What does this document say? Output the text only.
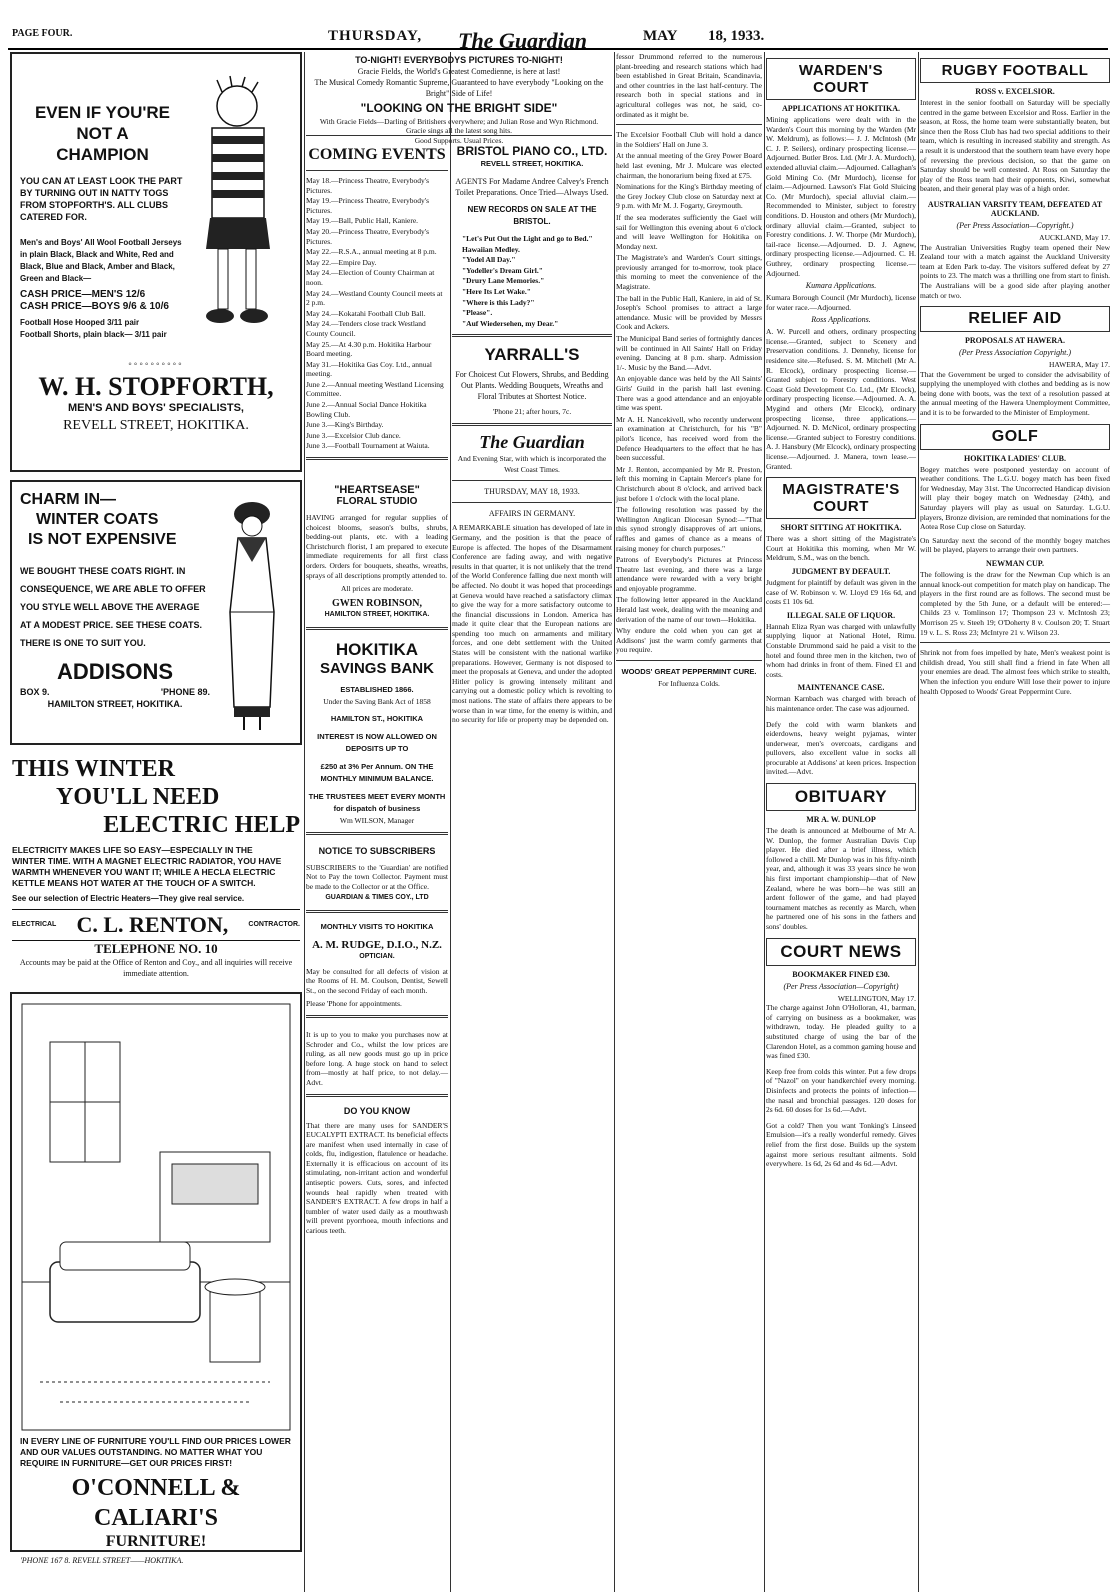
PAGE FOUR.	THURSDAY, The Guardian	MAY 18, 1933.
EVEN IF YOU'RE
NOT A
CHAMPION
YOU CAN AT LEAST LOOK THE PART BY TURNING OUT IN NATTY TOGS FROM STOPFORTH'S. ALL CLUBS CATERED FOR.
Men's and Boys' All Wool Football Jerseys in plain Black, Black and White, Red and Black, Blue and Black, Amber and Black, Green and Black—
CASH PRICE—MEN'S 12/6
CASH PRICE—BOYS 9/6 & 10/6
Football Hose Hooped 3/11 pair
Football Shorts, plain black— 3/11 pair
◦◦◦◦◦◦◦◦◦◦
W. H. STOPFORTH,
MEN'S AND BOYS' SPECIALISTS,
REVELL STREET, HOKITIKA.
CHARM IN—
WINTER COATS
IS NOT EXPENSIVE
WE BOUGHT THESE COATS RIGHT. IN CONSEQUENCE, WE ARE ABLE TO OFFER YOU STYLE WELL ABOVE THE AVERAGE AT A MODEST PRICE. SEE THESE COATS. THERE IS ONE TO SUIT YOU.
ADDISONS
BOX 9.	'PHONE 89.
HAMILTON STREET, HOKITIKA.
THIS WINTER
YOU'LL NEED
ELECTRIC HELP
ELECTRICITY MAKES LIFE SO EASY—ESPECIALLY IN THE WINTER TIME. WITH A MAGNET ELECTRIC RADIATOR, YOU HAVE WARMTH WHENEVER YOU WANT IT; WHILE A HECLA ELECTRIC KETTLE MEANS HOT WATER AT THE TOUCH OF A SWITCH.
See our selection of Electric Heaters—They give real service.
ELECTRICAL C. L. RENTON,	CONTRACTOR.
TELEPHONE NO. 10
Accounts may be paid at the Office of Renton and Coy., and all inquiries will receive immediate attention.
IN EVERY LINE OF FURNITURE YOU'LL FIND OUR PRICES LOWER AND OUR VALUES OUTSTANDING. NO MATTER WHAT YOU REQUIRE IN FURNITURE—GET OUR PRICES FIRST!
O'CONNELL & CALIARI'S
FURNITURE!
'PHONE 167 8. REVELL STREET——HOKITIKA.
TO-NIGHT! EVERYBODYS PICTURES TO-NIGHT!
Gracie Fields, the World's Greatest Comedienne, is here at last!
The Musical Comedy Romantic Supreme, Guaranteed to have everybody "Looking on the Bright" Side of Life!
"LOOKING ON THE BRIGHT SIDE"
With Gracie Fields—Darling of Britishers everywhere; and Julian Rose and Wyn Richmond. Gracie sings all the latest song hits.
Good Supports. Usual Prices.
COMING EVENTS
May 18.—Princess Theatre, Everybody's Pictures.
May 19.—Princess Theatre, Everybody's Pictures.
May 19.—Ball, Public Hall, Kaniere.
May 20.—Princess Theatre, Everybody's Pictures.
May 22.—R.S.A., annual meeting at 8 p.m.
May 22.—Empire Day.
May 24.—Election of County Chairman at noon.
May 24.—Westland County Council meets at 2 p.m.
May 24.—Kokatahi Football Club Ball.
May 24.—Tenders close track Westland County Council.
May 25.—At 4.30 p.m. Hokitika Harbour Board meeting.
May 31.—Hokitika Gas Coy. Ltd., annual meeting.
June 2.—Annual meeting Westland Licensing Committee.
June 2.—Annual Social Dance Hokitika Bowling Club.
June 3.—King's Birthday.
June 3.—Excelsior Club dance.
June 3.—Football Tournament at Waiuta.
"HEARTSEASE"
FLORAL STUDIO
HAVING arranged for regular supplies of choicest blooms, season's bulbs, shrubs, bedding-out plants, etc. with a leading Christchurch florist, I am prepared to execute immediate requirements for all first class orders. Orders for bouquets, sheaths, wreaths, sprays of all descriptions promptly attended to.
All prices are moderate.
GWEN ROBINSON,
HAMILTON STREET, HOKITIKA.
HOKITIKA
SAVINGS BANK
ESTABLISHED 1866.
Under the Saving Bank Act of 1858
HAMILTON ST., HOKITIKA
INTEREST IS NOW ALLOWED ON DEPOSITS UP TO
£250 at 3% Per Annum. ON THE MONTHLY MINIMUM BALANCE.
THE TRUSTEES MEET EVERY MONTH for dispatch of business
Wm WILSON, Manager
NOTICE TO SUBSCRIBERS
SUBSCRIBERS to the 'Guardian' are notified Not to Pay the town Collector. Payment must be made to the Collector or at the Office.
GUARDIAN & TIMES COY., LTD
MONTHLY VISITS TO HOKITIKA
A. M. RUDGE, D.I.O., N.Z.
OPTICIAN.
May be consulted for all defects of vision at the Rooms of H. M. Coulson, Dentist, Sewell St., on the second Friday of each month.
Please 'Phone for appointments.
It is up to you to make you purchases now at Schroder and Co., whilst the low prices are ruling, as all new goods must go up in price before long. A huge stock on hand to select from—mostly at half price, to not delay.—Advt.
DO YOU KNOW
That there are many uses for SANDER'S EUCALYPTI EXTRACT. Its beneficial effects are manifest when used internally in case of colds, flu, indigestion, flatulence or headache. Externally it is efficacious on account of its stimulating, non-irritant action and wonderful antiseptic powers. Cuts, sores, and infected wounds heal rapidly when treated with SANDER'S EXTRACT. A few drops in half a tumbler of water used daily as a mouthwash will prevent pyorrhoea, mouth infections and carious teeth.
BRISTOL PIANO CO., LTD.
REVELL STREET, HOKITIKA.
AGENTS For Madame Andree Calvey's French Toilet Preparations. Once Tried—Always Used.
NEW RECORDS ON SALE AT THE BRISTOL.
"Let's Put Out the Light and go to Bed."
Hawaiian Medley.
"Yodel All Day."
"Yodeller's Dream Girl."
"Drury Lane Memories."
"Here Its Let Wake."
"Where is this Lady?"
"Please".
"Auf Wiedersehen, my Dear."
YARRALL'S
For Choicest Cut Flowers, Shrubs, and Bedding Out Plants. Wedding Bouquets, Wreaths and Floral Tributes at Shortest Notice.
'Phone 21; after hours, 7c.
The Guardian
And Evening Star, with which is incorporated the West Coast Times.
THURSDAY, MAY 18, 1933.
AFFAIRS IN GERMANY.
A REMARKABLE situation has developed of late in Germany, and the position is that the peace of Europe is affected. The hopes of the Disarmament Conference are fading away, and with negative results in that quarter, it is not unlikely that the trend of the World Conference falling due next month will be affected. No doubt it was hoped that proceedings at Geneva would have reached a satisfactory climax to give the way for a more satisfactory outcome to the financial discussions in London. America has made it quite clear that the European nations are spending too much on armaments and military forces, and one debt settlement with the United States will be consistent with the national warlike preparations. However, Germany is not disposed to meet the proposals at Geneva, and under the adopted Hitler policy is growing intensely militant and carrying out a domestic policy which is revolting to most nations. The state of affairs there appears to be worse than in war time, for the enemy is within, and no security for life or property may be depended on.

fessor Drummond referred to the numerous plant-breeding and research stations which had been established in Great Britain, Scandinavia, and other countries in the last half-century. The research both in special stations and in agricultural colleges was not, he said, co-ordinated as it might be.

The Excelsior Football Club will hold a dance in the Soldiers' Hall on June 3.

At the annual meeting of the Grey Power Board held last evening, Mr J. Mulcare was elected chairman, the honorarium being fixed at £75.

Nominations for the King's Birthday meeting of the Grey Jockey Club close on Saturday next at 9 p.m. with Mr M. J. Fogarty, Greymouth.

If the sea moderates sufficiently the Gael will sail for Wellington this evening about 6 o'clock and will leave Wellington for Hokitika on Monday next.

The Magistrate's and Warden's Court sittings, previously arranged for to-morrow, took place this morning to meet the convenience of the Magistrate.

The ball in the Public Hall, Kaniere, in aid of St. Joseph's School promises to attract a large attendance. Music will be provided by Messrs Cook and Ackers.

The Municipal Band series of fortnightly dances will be continued in All Saints' Hall on Friday evening. Dancing at 8 p.m. sharp. Admission 1/-. Music by the Band.—Advt.

An enjoyable dance was held by the All Saints' Girls' Guild in the parish hall last evening. There was a good attendance and an enjoyable time was spent.

Mr A. H. Nancekivell, who recently underwent an examination at Christchurch, for his "B" pilot's licence, has received word from the Defence Headquarters to the effect that he has been successful.

Mr J. Renton, accompanied by Mr R. Preston, left this morning in Captain Mercer's plane for Christchurch about 8 o'clock, and arrived back just before 1 o'clock with the local plane.

The following resolution was passed by the Wellington Anglican Diocesan Synod:—"That this synod strongly disapproves of art unions, raffles and games of chance as a means of raising money for church purposes."

Patrons of Everybody's Pictures at Princess Theatre last evening, and there was a large attendance were rewarded with a very bright and enjoyable programme.

The following letter appeared in the Auckland Herald last week, dealing with the meaning and derivation of the name of our town—Hokitika.

Why endure the cold when you can get at Addisons' just the warm comfy garments that you require.

WOODS' GREAT PEPPERMINT CURE.
For Influenza Colds.
WARDEN'S COURT
APPLICATIONS AT HOKITIKA.
Mining applications were dealt with in the Warden's Court this morning by the Warden (Mr W. Meldrum), as follows:— J. J. McIntosh (Mr C. J. P. Seilers), ordinary prospecting license.—Adjourned. Butler Bros. Ltd. (Mr J. A. Murdoch), extended alluvial claim.—Adjourned. Callaghan's Gold Mining Co. (Mr Murdoch), license for claim.—Adjourned. Lawson's Flat Gold Sluicing Co. (Mr Murdoch), special alluvial claim.—Recommended to Minister, subject to forestry conditions. D. Houston and others (Mr Murdoch), ordinary alluvial claim.—Granted, subject to Forestry conditions. J. W. Thorpe (Mr Murdoch), tail-race license.—Adjourned. D. J. Agnew, ordinary prospecting license.—Adjourned. C. H. Guthrey, ordinary prospecting license.—Adjourned.
Kumara Applications.
Kumara Borough Council (Mr Murdoch), license for water race.—Adjourned.
Ross Applications.
A. W. Purcell and others, ordinary prospecting license.—Granted, subject to Scenery and Preservation conditions. J. Dennehy, license for residence site.—Refused. S. M. Mitchell (Mr A. R. Elcock), ordinary prospecting license.—Granted subject to Forestry conditions. West Coast Gold Development Co. Ltd., (Mr Elcock), ordinary prospecting license.—Adjourned. A. A. Mygind and others (Mr Elcock), ordinary prospecting license, three applications.—Adjourned. N. D. McNicol, ordinary prospecting license.—Granted subject to Forestry conditions. A. J. Hansbury (Mr Elcock), ordinary prospecting license.—Adjourned. J. Manera, town lease.—Granted.
MAGISTRATE'S COURT
SHORT SITTING AT HOKITIKA.
There was a short sitting of the Magistrate's Court at Hokitika this morning, when Mr W. Meldrum, S.M., was on the bench.
JUDGMENT BY DEFAULT.
Judgment for plaintiff by default was given in the case of W. Robinson v. W. Lloyd £9 16s 6d, and costs £1 10s 6d.
ILLEGAL SALE OF LIQUOR.
Hannah Eliza Ryan was charged with unlawfully supplying liquor at National Hotel, Rimu. Constable Drummond said he paid a visit to the hotel and found three men in the kitchen, two of whom had drinks in front of them. Fined £1 and costs.
MAINTENANCE CASE.
Norman Karnbach was charged with breach of his maintenance order. The case was adjourned.
Defy the cold with warm blankets and eiderdowns, heavy weight pyjamas, winter underwear, men's overcoats, cardigans and pullovers, also excellent value in socks all procurable at Addisons' at keen prices. Inspection invited.—Advt.
OBITUARY
MR A. W. DUNLOP
The death is announced at Melbourne of Mr A. W. Dunlop, the former Australian Davis Cup player. He died after a brief illness, which followed a chill. Mr Dunlop was in his fifty-ninth year, and, although it was 33 years since he won his first important championship—that of New Zealand, where he was born—he was still an ardent follower of the game, and had played tournament matches as recently as March, when he partnered one of his sons in the fathers and sons' doubles.
COURT NEWS
BOOKMAKER FINED £30.
(Per Press Association—Copyright)
WELLINGTON, May 17.
The charge against John O'Holloran, 41, barman, of carrying on business as a bookmaker, was withdrawn, today. He pleaded guilty to a substituted charge of using the bar of the Clarendon Hotel, as a common gaming house and was fined £30.
Keep free from colds this winter. Put a few drops of "Nazol" on your handkerchief every morning. Disinfects and protects the points of infection—the nasal and bronchial passages. 120 doses for 2s 6d. 60 doses for 1s 6d.—Advt.
Got a cold? Then you want Tonking's Linseed Emulsion—it's a really wonderful remedy. Gives relief from the first dose. Builds up the system against more serious resultant ailments. Sold everywhere. 1s 6d, 2s 6d and 4s 6d.—Advt.
RUGBY FOOTBALL
ROSS v. EXCELSIOR.
Interest in the senior football on Saturday will be specially centred in the game between Excelsior and Ross. Earlier in the season, at Ross, the home team were substantially beaten, but since then the Ross Club has had two special additions to their team, which is resulting in increased stability and strength. As a result it is understood that the southern team have every hope of reversing the previous decision, so that the game on Saturday should be well contested. At Ross on Saturday the play of the Ross team had their opponents, Kiwi, somewhat beaten, and their general play was of a high order.
AUSTRALIAN VARSITY TEAM, DEFEATED AT AUCKLAND.
(Per Press Association—Copyright.)
AUCKLAND, May 17.
The Australian Universities Rugby team opened their New Zealand tour with a match against the Auckland University team at Eden Park to-day. The visitors suffered defeat by 27 points to 23. The match was a thrilling one from start to finish. The Australians will be a good side after playing another match or two.
RELIEF AID
PROPOSALS AT HAWERA.
(Per Press Association Copyright.)
HAWERA, May 17.
That the Government be urged to consider the advisability of supplying the unemployed with clothes and bedding as is now being done with boots, was the text of a resolution passed at the annual meeting of the Hawera Unemployment Committee, and it is to be forwarded to the Minister of Employment.
GOLF
HOKITIKA LADIES' CLUB.
Bogey matches were postponed yesterday on account of weather conditions. The L.G.U. bogey match has been fixed for Wednesday, May 31st. The Uncorrected Handicap division will play their bogey match on Wednesday (24th), and Saturday players will play as usual on Saturday. L.G.U. players, Bronze division, are reminded that nominations for the Aotea Rose Cup close on Saturday.
On Saturday next the second of the monthly bogey matches will be played, players to arrange their own partners.
NEWMAN CUP.
The following is the draw for the Newman Cup which is an annual knock-out competition for match play on handicap. The players in the first round are as follows. The second must be completed by the 5th June, or a default will be entered:—Childs 23 v. Tomlinson 17; Thompson 23 v. McIntosh 23; Morrison 25 v. Steeh 19; O'Doherty 8 v. Coulson 20; T. Stuart 19 v. L. S. Ross 23; McIntyre 21 v. Wilson 23.
Shrink not from foes impelled by hate, Men's weakest point is childish dread, You still shall find a friend in fate When all your enemies are dead. The almost fees which strike to stealth, When the infection you endure Will lose their power to injure health Opposed to Woods' Great Peppermint Cure.
